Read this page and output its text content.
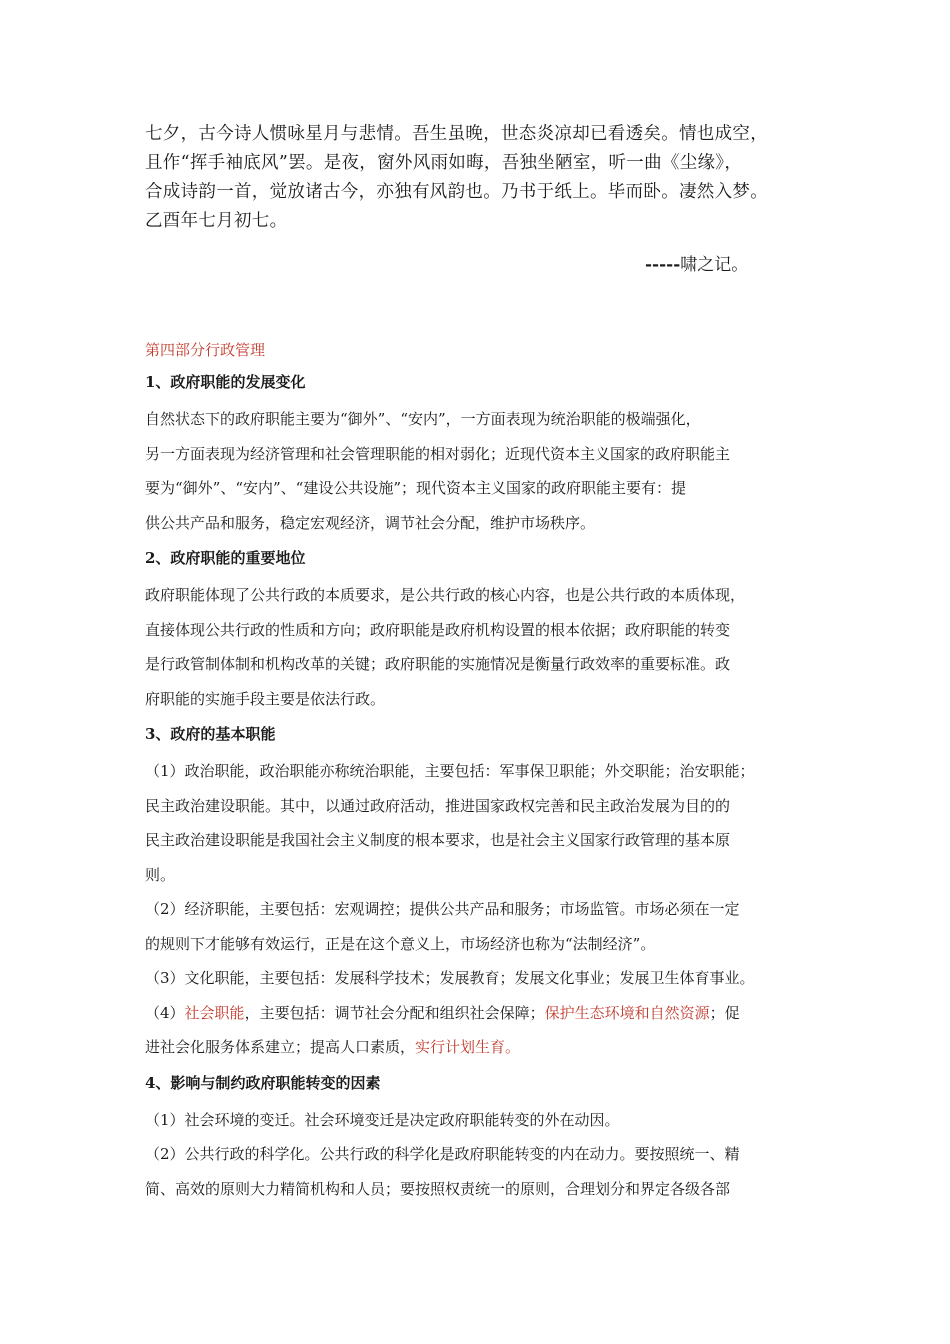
七夕，古今诗人惯咏星月与悲情。吾生虽晚，世态炎凉却已看透矣。情也成空，
且作“挥手袖底风”罢。是夜，窗外风雨如晦，吾独坐陋室，听一曲《尘缘》，
合成诗韵一首，觉放诸古今，亦独有风韵也。乃书于纸上。毕而卧。凄然入梦。
乙酉年七月初七。
-----啸之记。
第四部分行政管理
1、政府职能的发展变化
自然状态下的政府职能主要为“御外”、“安内”，一方面表现为统治职能的极端强化，
另一方面表现为经济管理和社会管理职能的相对弱化；近现代资本主义国家的政府职能主
要为“御外”、“安内”、“建设公共设施”；现代资本主义国家的政府职能主要有：提
供公共产品和服务，稳定宏观经济，调节社会分配，维护市场秩序。
2、政府职能的重要地位
政府职能体现了公共行政的本质要求，是公共行政的核心内容，也是公共行政的本质体现，
直接体现公共行政的性质和方向；政府职能是政府机构设置的根本依据；政府职能的转变
是行政管制体制和机构改革的关键；政府职能的实施情况是衡量行政效率的重要标准。政
府职能的实施手段主要是依法行政。
3、政府的基本职能
（1）政治职能，政治职能亦称统治职能，主要包括：军事保卫职能；外交职能；治安职能；
民主政治建设职能。其中，以通过政府活动，推进国家政权完善和民主政治发展为目的的
民主政治建设职能是我国社会主义制度的根本要求，也是社会主义国家行政管理的基本原
则。
（2）经济职能，主要包括：宏观调控；提供公共产品和服务；市场监管。市场必须在一定
的规则下才能够有效运行，正是在这个意义上，市场经济也称为“法制经济”。
（3）文化职能，主要包括：发展科学技术；发展教育；发展文化事业；发展卫生体育事业。
（4）社会职能，主要包括：调节社会分配和组织社会保障；保护生态环境和自然资源；促
进社会化服务体系建立；提高人口素质，实行计划生育。
4、影响与制约政府职能转变的因素
（1）社会环境的变迁。社会环境变迁是决定政府职能转变的外在动因。
（2）公共行政的科学化。公共行政的科学化是政府职能转变的内在动力。要按照统一、精
简、高效的原则大力精简机构和人员；要按照权责统一的原则，合理划分和界定各级各部
